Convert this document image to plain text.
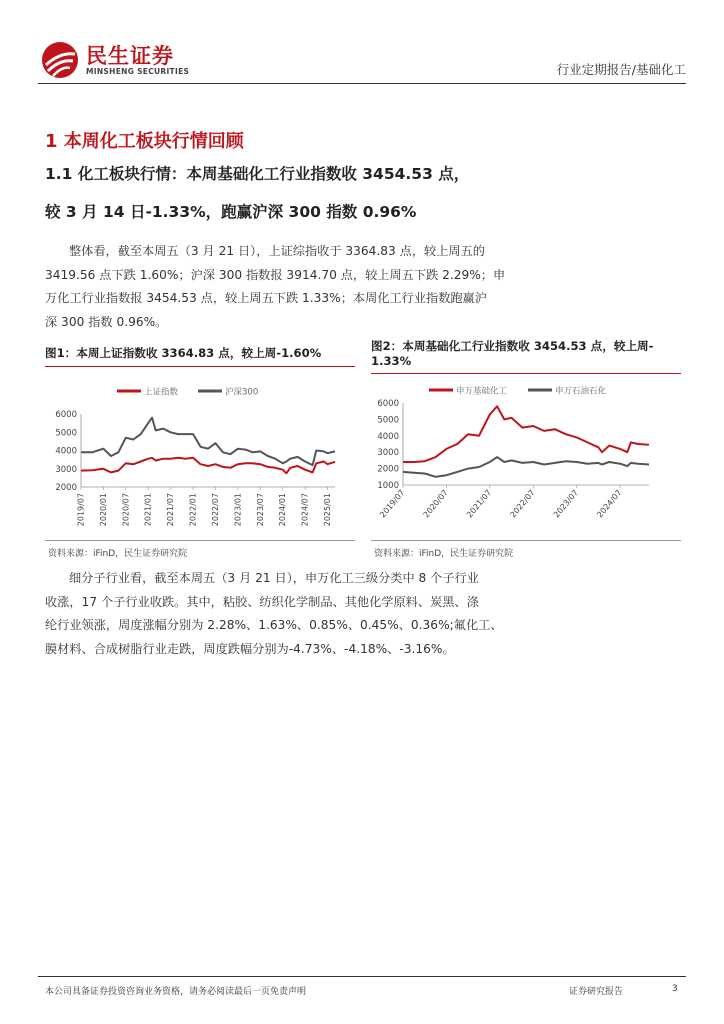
民生证券
MINSHENG SECURITIES	行业定期报告/基础化工
1 本周化工板块行情回顾
1.1 化工板块行情：本周基础化工行业指数收 3454.53 点，
较 3 月 14 日-1.33%，跑赢沪深 300 指数 0.96%
整体看，截至本周五（3 月 21 日），上证综指收于 3364.83 点，较上周五的
3419.56 点下跌 1.60%；沪深 300 指数报 3914.70 点，较上周五下跌 2.29%；申
万化工行业指数报 3454.53 点，较上周五下跌 1.33%；本周化工行业指数跑赢沪
深 300 指数 0.96%。
图1：本周上证指数收 3364.83 点，较上周-1.60%
上证指数	沪深300
2000
3000
4000
5000
6000
2019/07 2020/01 2020/07 2021/01 2021/07 2022/01 2022/07 2023/01 2023/07 2024/01 2024/07 2025/01
资料来源：iFinD，民生证券研究院
图2：本周基础化工行业指数收 3454.53 点，较上周-
1.33%
申万基础化工	申万石油石化
1000
2000
3000
4000
5000
6000
2019/07 2020/07 2021/07 2022/07 2023/07 2024/07
资料来源：iFinD，民生证券研究院
细分子行业看，截至本周五（3 月 21 日），申万化工三级分类中 8 个子行业
收涨，17 个子行业收跌。其中，粘胶、纺织化学制品、其他化学原料、炭黑、涤
纶行业领涨，周度涨幅分别为 2.28%、1.63%、0.85%、0.45%、0.36%;氟化工、
膜材料、合成树脂行业走跌，周度跌幅分别为-4.73%、-4.18%、-3.16%。
本公司具备证券投资咨询业务资格，请务必阅读最后一页免责声明	证券研究报告	3
